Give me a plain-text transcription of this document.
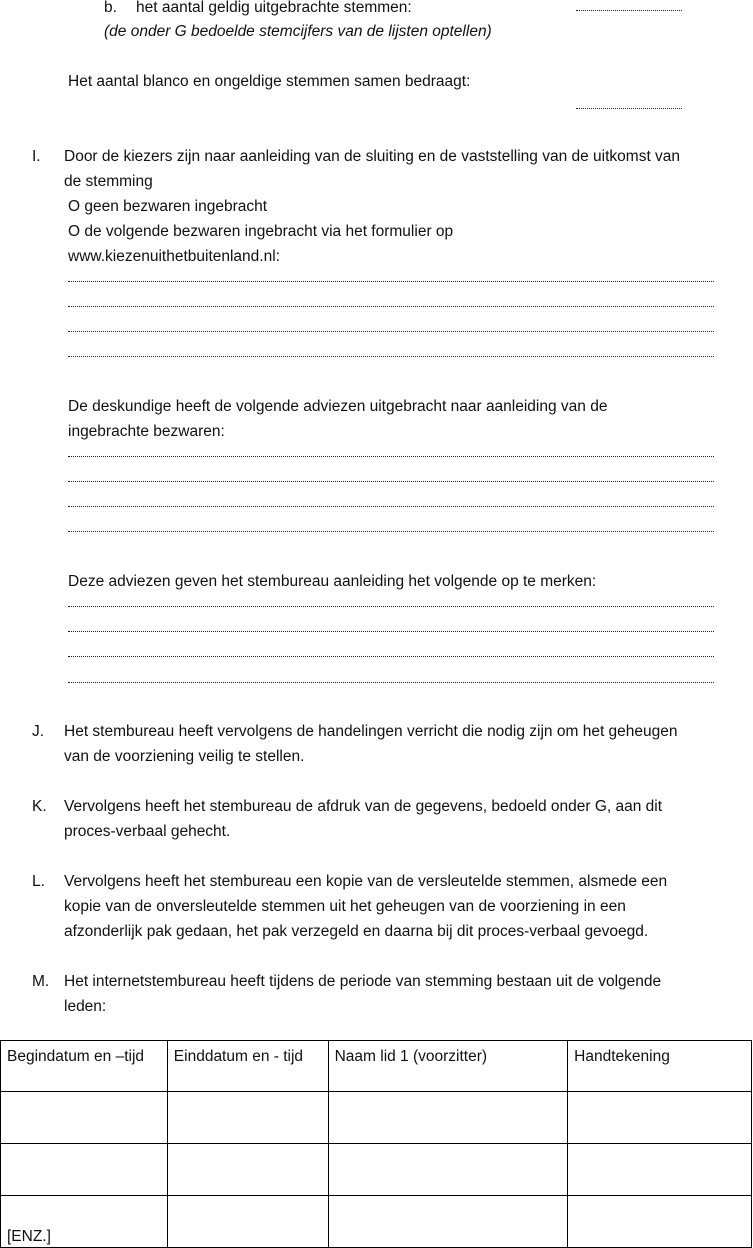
b. het aantal geldig uitgebrachte stemmen:
(de onder G bedoelde stemcijfers van de lijsten optellen)
Het aantal blanco en ongeldige stemmen samen bedraagt:
I. Door de kiezers zijn naar aanleiding van de sluiting en de vaststelling van de uitkomst van
de stemming
O geen bezwaren ingebracht
O de volgende bezwaren ingebracht via het formulier op
www.kiezenuithetbuitenland.nl:
De deskundige heeft de volgende adviezen uitgebracht naar aanleiding van de
ingebrachte bezwaren:
Deze adviezen geven het stembureau aanleiding het volgende op te merken:
J. Het stembureau heeft vervolgens de handelingen verricht die nodig zijn om het geheugen
van de voorziening veilig te stellen.
K. Vervolgens heeft het stembureau de afdruk van de gegevens, bedoeld onder G, aan dit
proces-verbaal gehecht.
L. Vervolgens heeft het stembureau een kopie van de versleutelde stemmen, alsmede een
kopie van de onversleutelde stemmen uit het geheugen van de voorziening in een
afzonderlijk pak gedaan, het pak verzegeld en daarna bij dit proces-verbaal gevoegd.
M. Het internetstembureau heeft tijdens de periode van stemming bestaan uit de volgende
leden:
Begindatum en –tijd	Einddatum en - tijd	Naam lid 1 (voorzitter)	Handtekening

[ENZ.]			
